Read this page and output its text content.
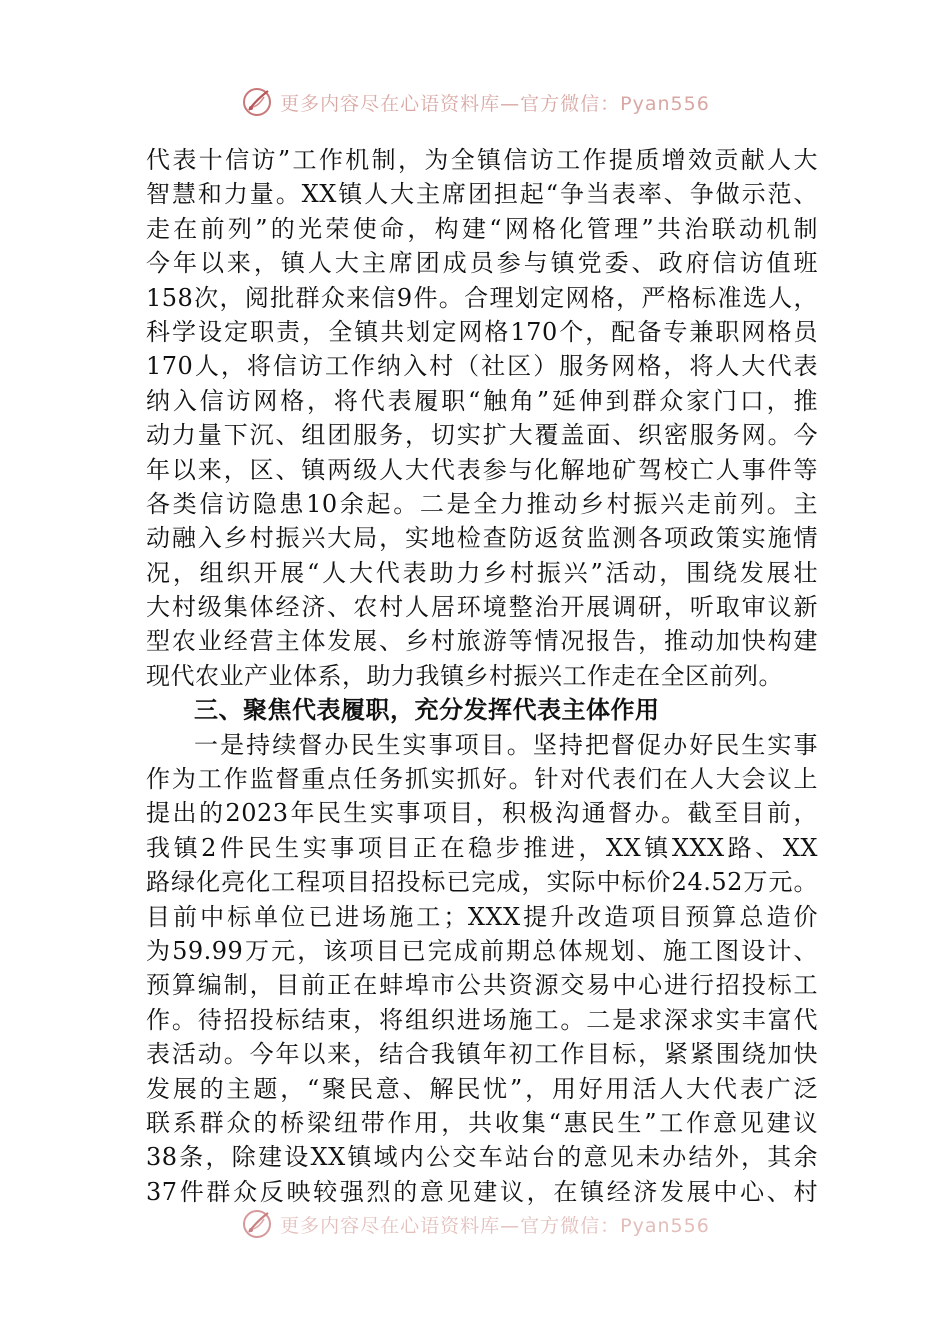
更多内容尽在心语资料库—官方微信：Pyan556
代表十信访”工作机制，为全镇信访工作提质增效贡献人大
智慧和力量。XX镇人大主席团担起“争当表率、争做示范、
走在前列”的光荣使命，构建“网格化管理”共治联动机制
今年以来，镇人大主席团成员参与镇党委、政府信访值班
158次，阅批群众来信9件。合理划定网格，严格标准选人，
科学设定职责，全镇共划定网格170个，配备专兼职网格员
170人，将信访工作纳入村（社区）服务网格，将人大代表
纳入信访网格，将代表履职“触角”延伸到群众家门口，推
动力量下沉、组团服务，切实扩大覆盖面、织密服务网。今
年以来，区、镇两级人大代表参与化解地矿驾校亡人事件等
各类信访隐患10余起。二是全力推动乡村振兴走前列。主
动融入乡村振兴大局，实地检查防返贫监测各项政策实施情
况，组织开展“人大代表助力乡村振兴”活动，围绕发展壮
大村级集体经济、农村人居环境整治开展调研，听取审议新
型农业经营主体发展、乡村旅游等情况报告，推动加快构建
现代农业产业体系，助力我镇乡村振兴工作走在全区前列。
三、聚焦代表履职，充分发挥代表主体作用
一是持续督办民生实事项目。坚持把督促办好民生实事
作为工作监督重点任务抓实抓好。针对代表们在人大会议上
提出的2023年民生实事项目，积极沟通督办。截至目前，
我镇2件民生实事项目正在稳步推进，XX镇XXX路、XX
路绿化亮化工程项目招投标已完成，实际中标价24.52万元。
目前中标单位已进场施工；XXX提升改造项目预算总造价
为59.99万元，该项目已完成前期总体规划、施工图设计、
预算编制，目前正在蚌埠市公共资源交易中心进行招投标工
作。待招投标结束，将组织进场施工。二是求深求实丰富代
表活动。今年以来，结合我镇年初工作目标，紧紧围绕加快
发展的主题，“聚民意、解民忧”，用好用活人大代表广泛
联系群众的桥梁纽带作用，共收集“惠民生”工作意见建议
38条，除建设XX镇域内公交车站台的意见未办结外，其余
37件群众反映较强烈的意见建议，在镇经济发展中心、村
更多内容尽在心语资料库—官方微信：Pyan556
